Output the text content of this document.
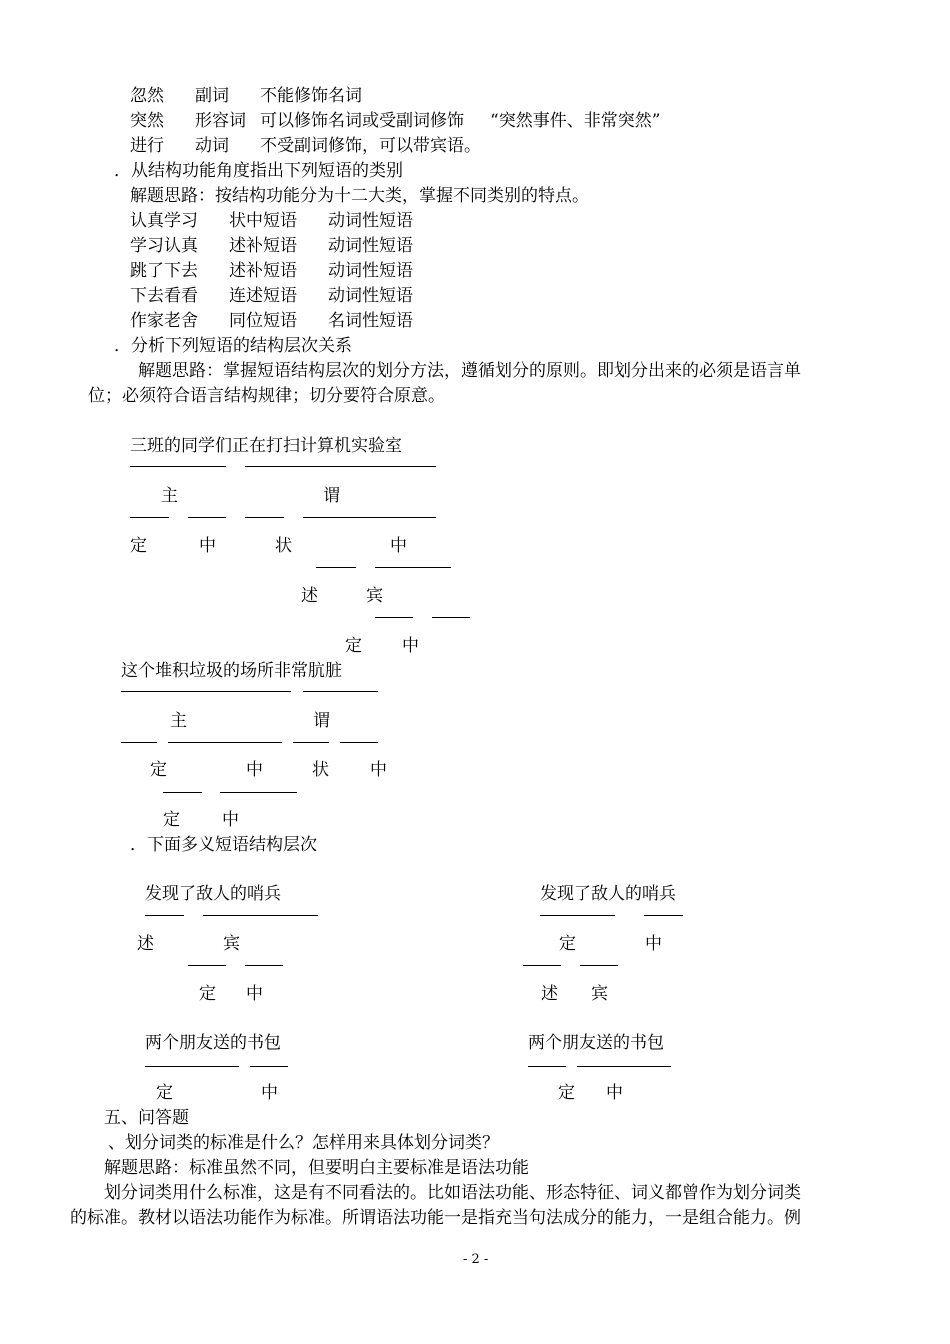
忽然 副词 不能修饰名词
突然 形容词 可以修饰名词或受副词修饰 “突然事件、非常突然”
进行 动词 不受副词修饰，可以带宾语。
．从结构功能角度指出下列短语的类别
解题思路：按结构功能分为十二大类，掌握不同类别的特点。
认真学习 状中短语 动词性短语
学习认真 述补短语 动词性短语
跳了下去 述补短语 动词性短语
下去看看 连述短语 动词性短语
作家老舍 同位短语 名词性短语
．分析下列短语的结构层次关系
解题思路：掌握短语结构层次的划分方法，遵循划分的原则。即划分出来的必须是语言单
位；必须符合语言结构规律；切分要符合原意。
三班的同学们正在打扫计算机实验室
主	谓
定	中	状	中
述	宾
定 中
这个堆积垃圾的场所非常肮脏
主	谓
定	中	状 中
定 中
．下面多义短语结构层次
发现了敌人的哨兵
述	宾
定 中
发现了敌人的哨兵
定	中
述 宾
两个朋友送的书包
定	中
两个朋友送的书包
定 中
五、问答题
、划分词类的标准是什么？怎样用来具体划分词类？
解题思路：标准虽然不同，但要明白主要标准是语法功能
划分词类用什么标准，这是有不同看法的。比如语法功能、形态特征、词义都曾作为划分词类
的标准。教材以语法功能作为标准。所谓语法功能一是指充当句法成分的能力，一是组合能力。例
- 2 -
